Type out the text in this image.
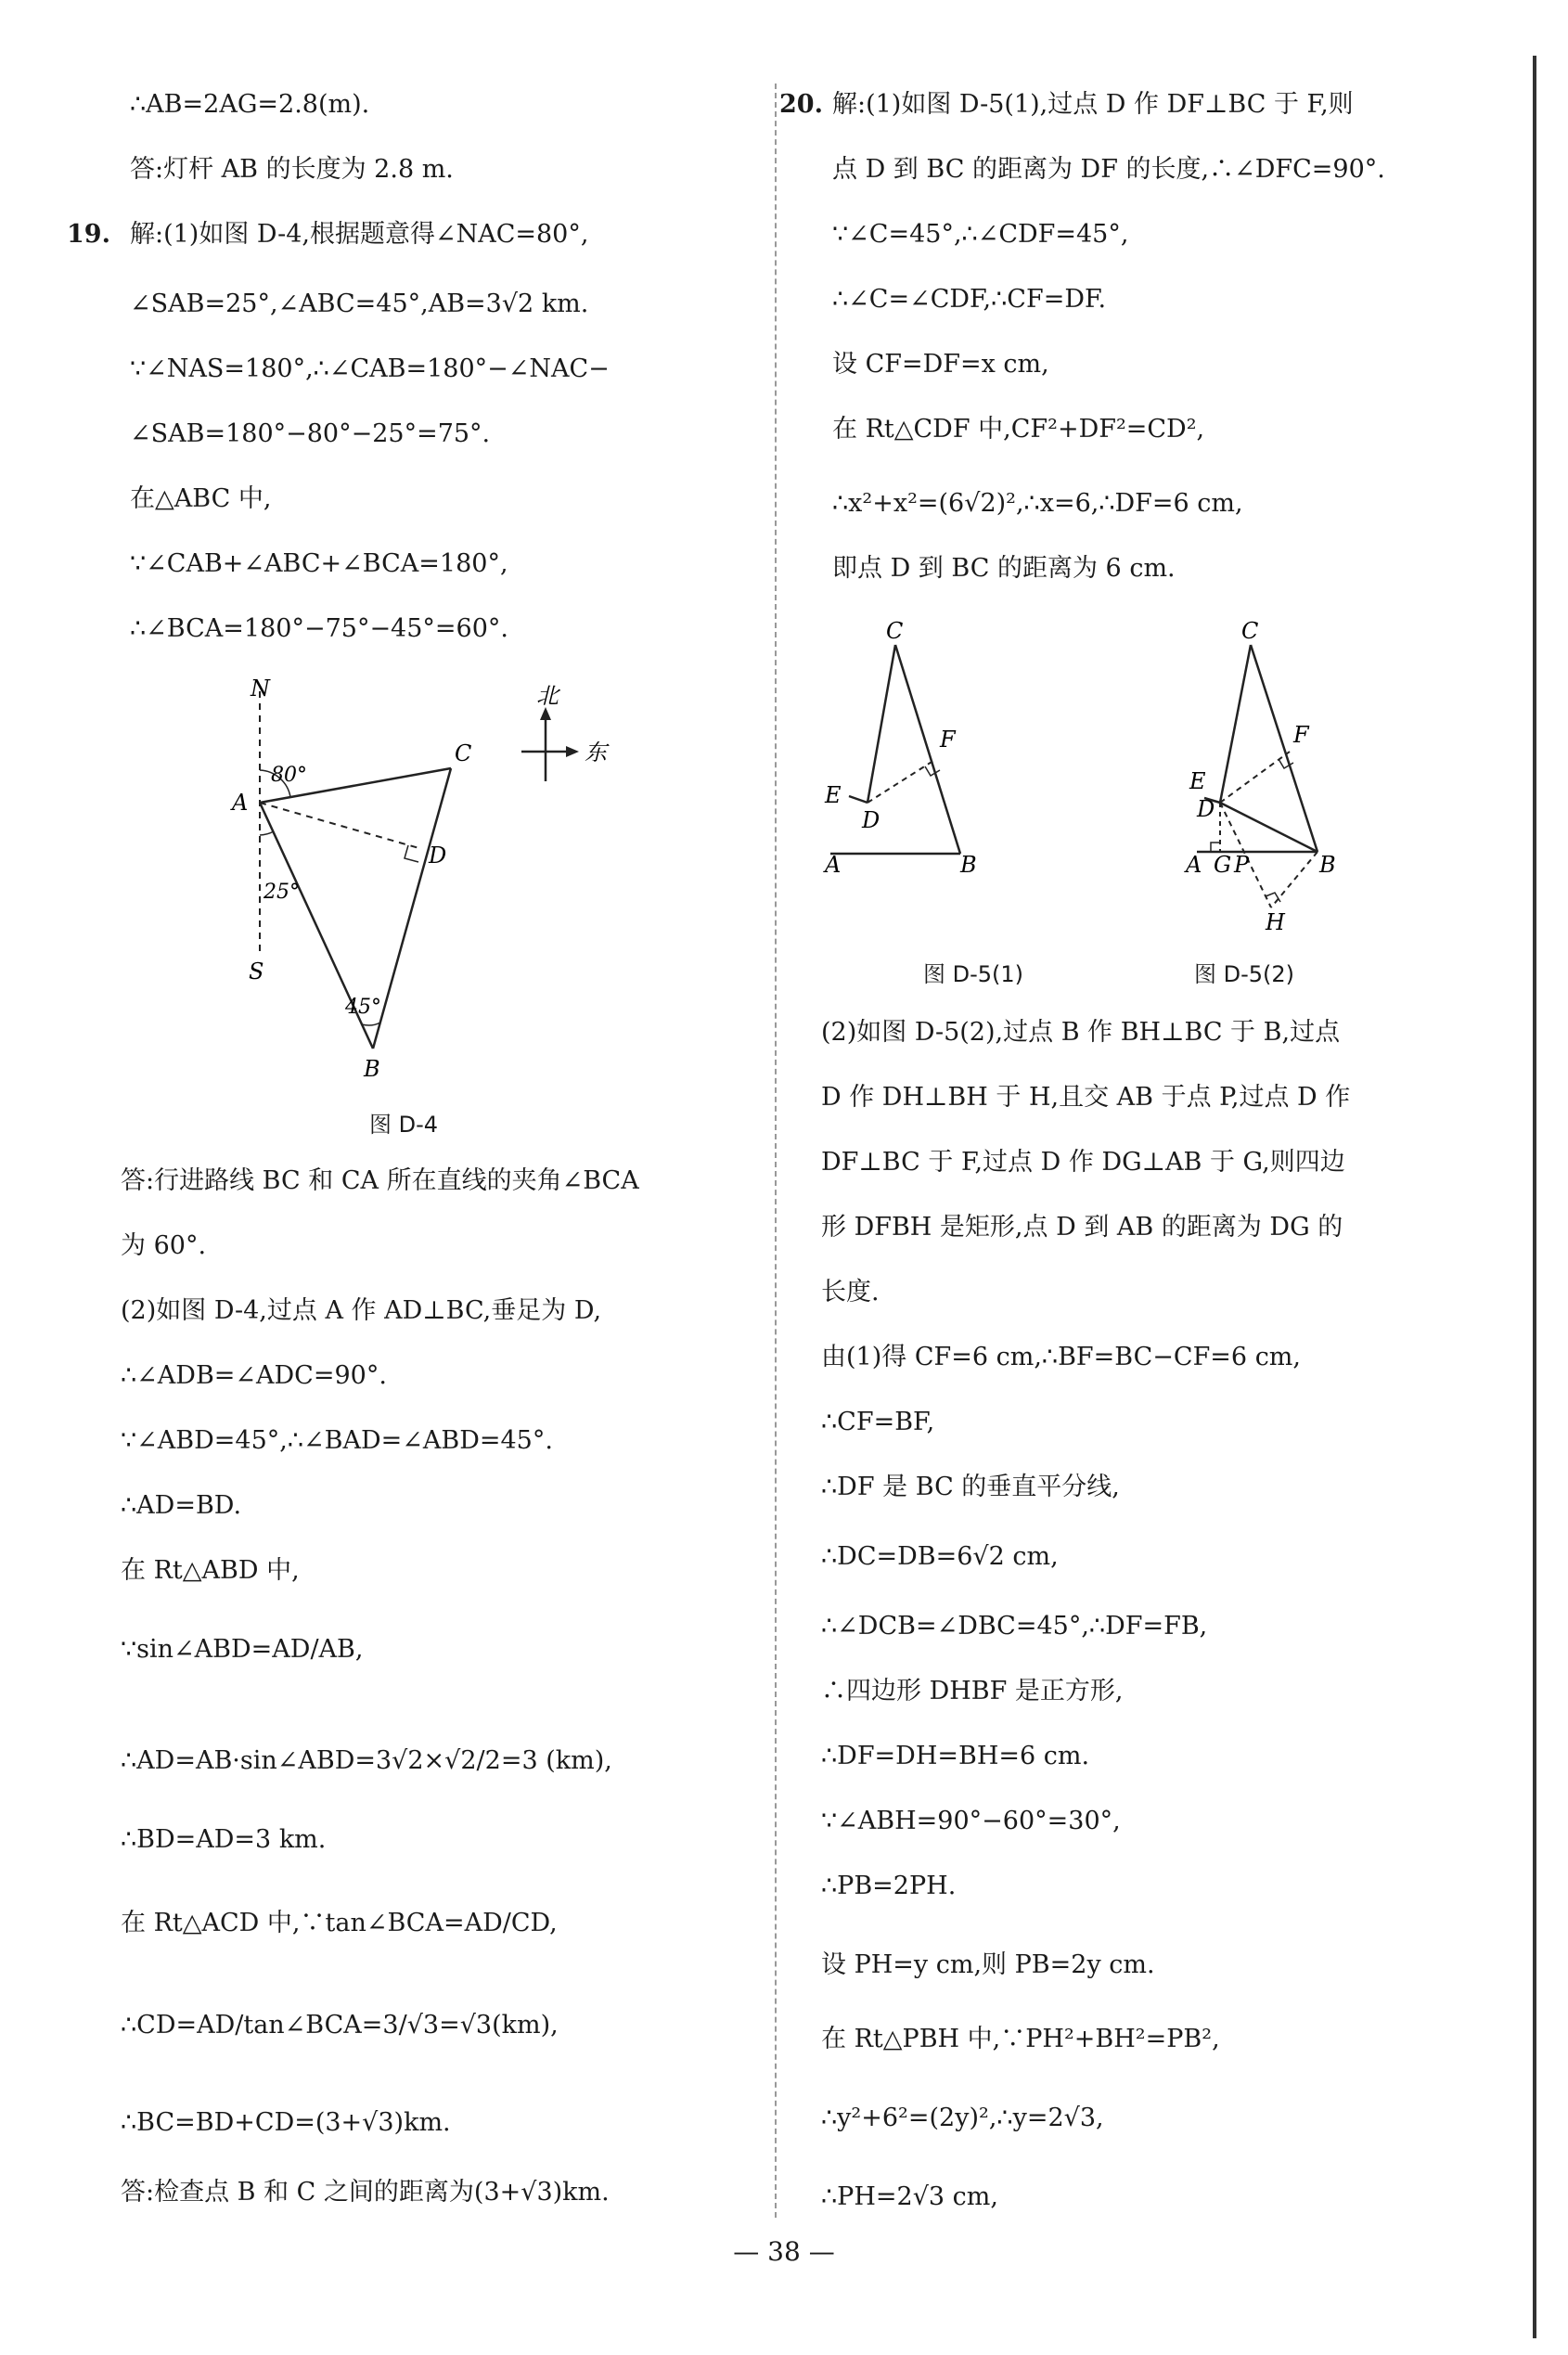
∴AB=2AG=2.8(m).
答:灯杆 AB 的长度为 2.8 m.
19. 解:(1)如图 D-4,根据题意得∠NAC=80°,
∠SAB=25°,∠ABC=45°,AB=3√2 km.
∵∠NAS=180°,∴∠CAB=180°−∠NAC−
∠SAB=180°−80°−25°=75°.
在△ABC 中,
∵∠CAB+∠ABC+∠BCA=180°,
∴∠BCA=180°−75°−45°=60°.
N
A
C
D
S
B
80°
25°
45°
北
东
图 D-4
答:行进路线 BC 和 CA 所在直线的夹角∠BCA
为 60°.
(2)如图 D-4,过点 A 作 AD⊥BC,垂足为 D,
∴∠ADB=∠ADC=90°.
∵∠ABD=45°,∴∠BAD=∠ABD=45°.
∴AD=BD.
在 Rt△ABD 中,
∵sin∠ABD=AD/AB,
∴AD=AB·sin∠ABD=3√2×√2/2=3 (km),
∴BD=AD=3 km.
在 Rt△ACD 中,∵tan∠BCA=AD/CD,
∴CD=AD/tan∠BCA=3/√3=√3(km),
∴BC=BD+CD=(3+√3)km.
答:检查点 B 和 C 之间的距离为(3+√3)km.
20. 解:(1)如图 D-5(1),过点 D 作 DF⊥BC 于 F,则
点 D 到 BC 的距离为 DF 的长度,∴∠DFC=90°.
∵∠C=45°,∴∠CDF=45°,
∴∠C=∠CDF,∴CF=DF.
设 CF=DF=x cm,
在 Rt△CDF 中,CF²+DF²=CD²,
∴x²+x²=(6√2)²,∴x=6,∴DF=6 cm,
即点 D 到 BC 的距离为 6 cm.
C
F
E
D
A	B
图 D-5(1)
C
F
E
D
A G P	B
H
图 D-5(2)
(2)如图 D-5(2),过点 B 作 BH⊥BC 于 B,过点
D 作 DH⊥BH 于 H,且交 AB 于点 P,过点 D 作
DF⊥BC 于 F,过点 D 作 DG⊥AB 于 G,则四边
形 DFBH 是矩形,点 D 到 AB 的距离为 DG 的
长度.
由(1)得 CF=6 cm,∴BF=BC−CF=6 cm,
∴CF=BF,
∴DF 是 BC 的垂直平分线,
∴DC=DB=6√2 cm,
∴∠DCB=∠DBC=45°,∴DF=FB,
∴四边形 DHBF 是正方形,
∴DF=DH=BH=6 cm.
∵∠ABH=90°−60°=30°,
∴PB=2PH.
设 PH=y cm,则 PB=2y cm.
在 Rt△PBH 中,∵PH²+BH²=PB²,
∴y²+6²=(2y)²,∴y=2√3,
∴PH=2√3 cm,
— 38 —
